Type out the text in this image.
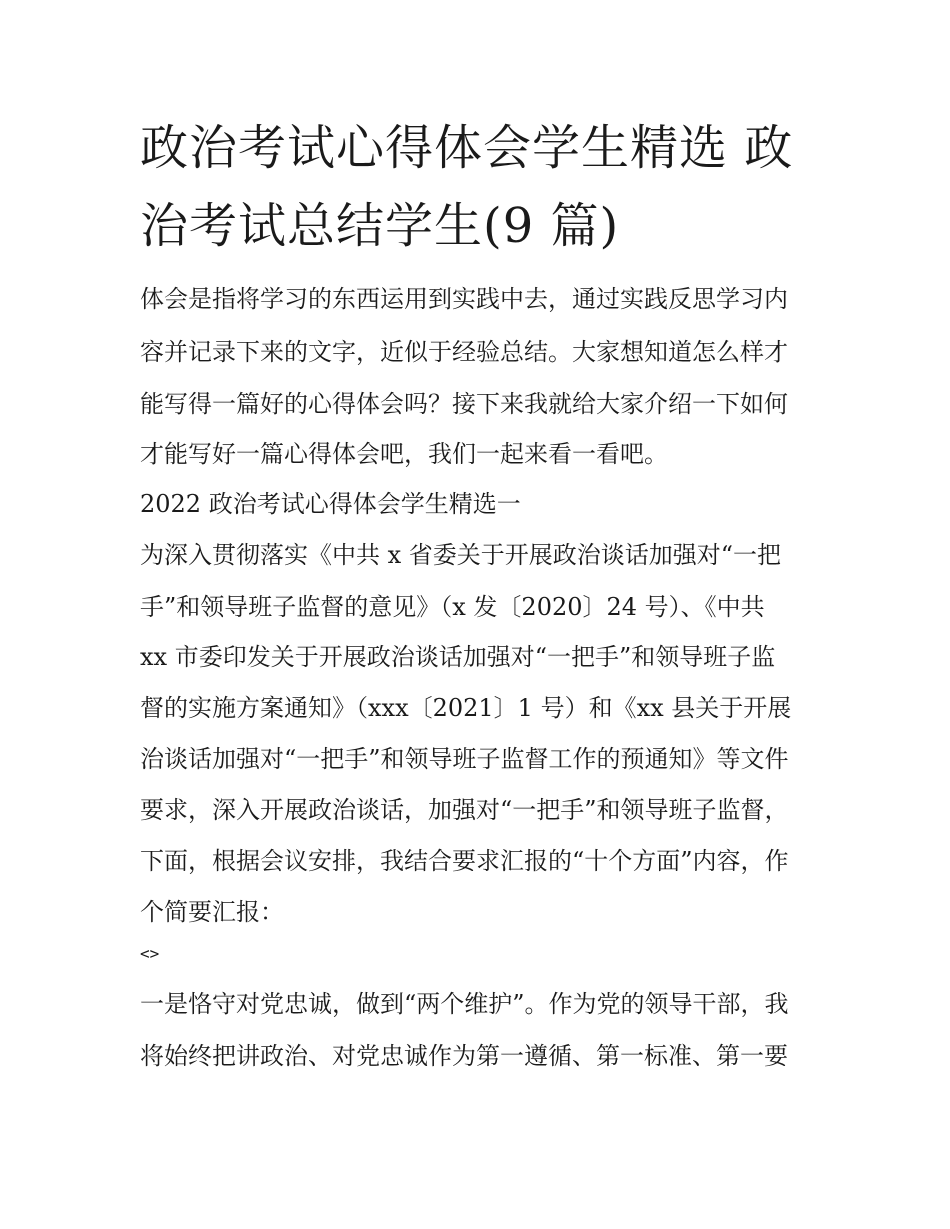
政治考试心得体会学生精选 政
治考试总结学生(9 篇)
体会是指将学习的东西运用到实践中去，通过实践反思学习内
容并记录下来的文字，近似于经验总结。大家想知道怎么样才
能写得一篇好的心得体会吗？接下来我就给大家介绍一下如何
才能写好一篇心得体会吧，我们一起来看一看吧。
2022 政治考试心得体会学生精选一
为深入贯彻落实《中共 x 省委关于开展政治谈话加强对“一把
手”和领导班子监督的意见》（x 发〔2020〕24 号）、《中共
xx 市委印发关于开展政治谈话加强对“一把手”和领导班子监
督的实施方案通知》（xxx〔2021〕1 号）和《xx 县关于开展
治谈话加强对“一把手”和领导班子监督工作的预通知》等文件
要求，深入开展政治谈话，加强对“一把手”和领导班子监督，
下面，根据会议安排，我结合要求汇报的“十个方面”内容，作
个简要汇报：
<>
一是恪守对党忠诚，做到“两个维护”。作为党的领导干部，我
将始终把讲政治、对党忠诚作为第一遵循、第一标准、第一要
